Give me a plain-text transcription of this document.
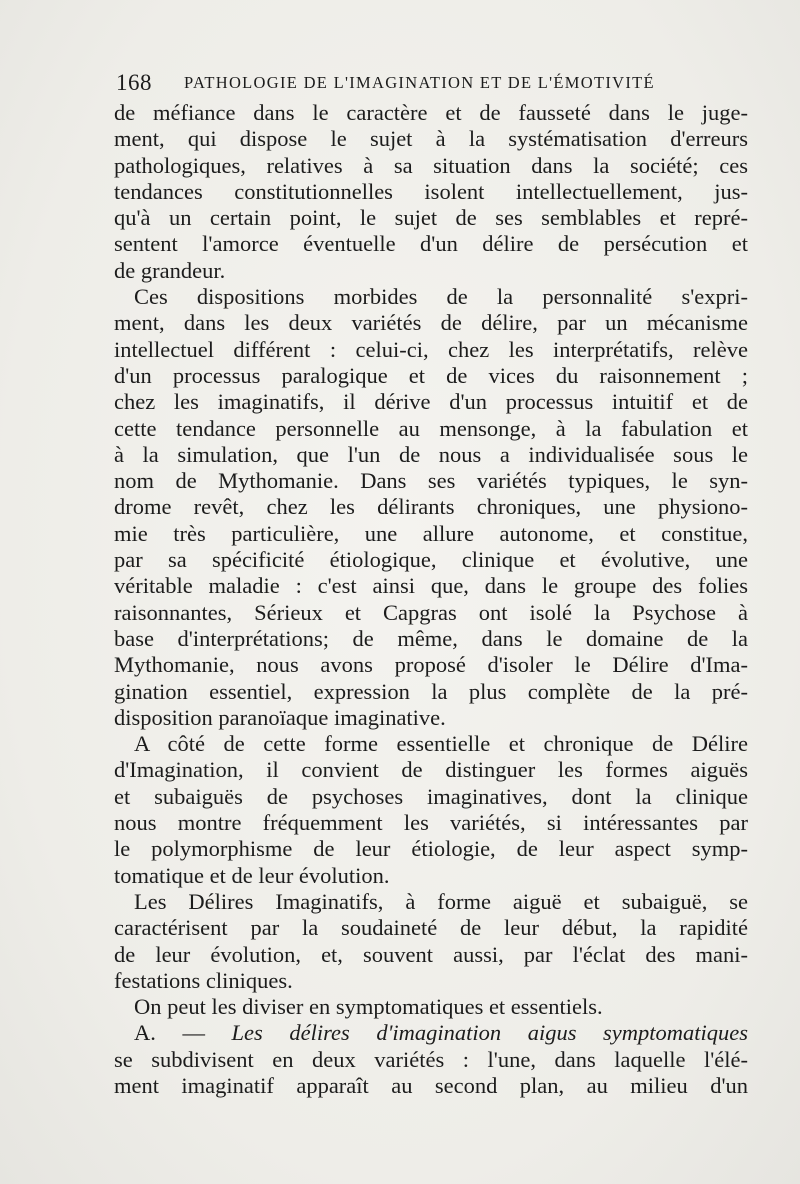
168 PATHOLOGIE DE L'IMAGINATION ET DE L'ÉMOTIVITÉ
de méfiance dans le caractère et de fausseté dans le juge-
ment, qui dispose le sujet à la systématisation d'erreurs
pathologiques, relatives à sa situation dans la société; ces
tendances constitutionnelles isolent intellectuellement, jus-
qu'à un certain point, le sujet de ses semblables et repré-
sentent l'amorce éventuelle d'un délire de persécution et
de grandeur.
Ces dispositions morbides de la personnalité s'expri-
ment, dans les deux variétés de délire, par un mécanisme
intellectuel différent : celui-ci, chez les interprétatifs, relève
d'un processus paralogique et de vices du raisonnement ;
chez les imaginatifs, il dérive d'un processus intuitif et de
cette tendance personnelle au mensonge, à la fabulation et
à la simulation, que l'un de nous a individualisée sous le
nom de Mythomanie. Dans ses variétés typiques, le syn-
drome revêt, chez les délirants chroniques, une physiono-
mie très particulière, une allure autonome, et constitue,
par sa spécificité étiologique, clinique et évolutive, une
véritable maladie : c'est ainsi que, dans le groupe des folies
raisonnantes, Sérieux et Capgras ont isolé la Psychose à
base d'interprétations; de même, dans le domaine de la
Mythomanie, nous avons proposé d'isoler le Délire d'Ima-
gination essentiel, expression la plus complète de la pré-
disposition paranoïaque imaginative.
A côté de cette forme essentielle et chronique de Délire
d'Imagination, il convient de distinguer les formes aiguës
et subaiguës de psychoses imaginatives, dont la clinique
nous montre fréquemment les variétés, si intéressantes par
le polymorphisme de leur étiologie, de leur aspect symp-
tomatique et de leur évolution.
Les Délires Imaginatifs, à forme aiguë et subaiguë, se
caractérisent par la soudaineté de leur début, la rapidité
de leur évolution, et, souvent aussi, par l'éclat des mani-
festations cliniques.
On peut les diviser en symptomatiques et essentiels.
A. — Les délires d'imagination aigus symptomatiques
se subdivisent en deux variétés : l'une, dans laquelle l'élé-
ment imaginatif apparaît au second plan, au milieu d'un
